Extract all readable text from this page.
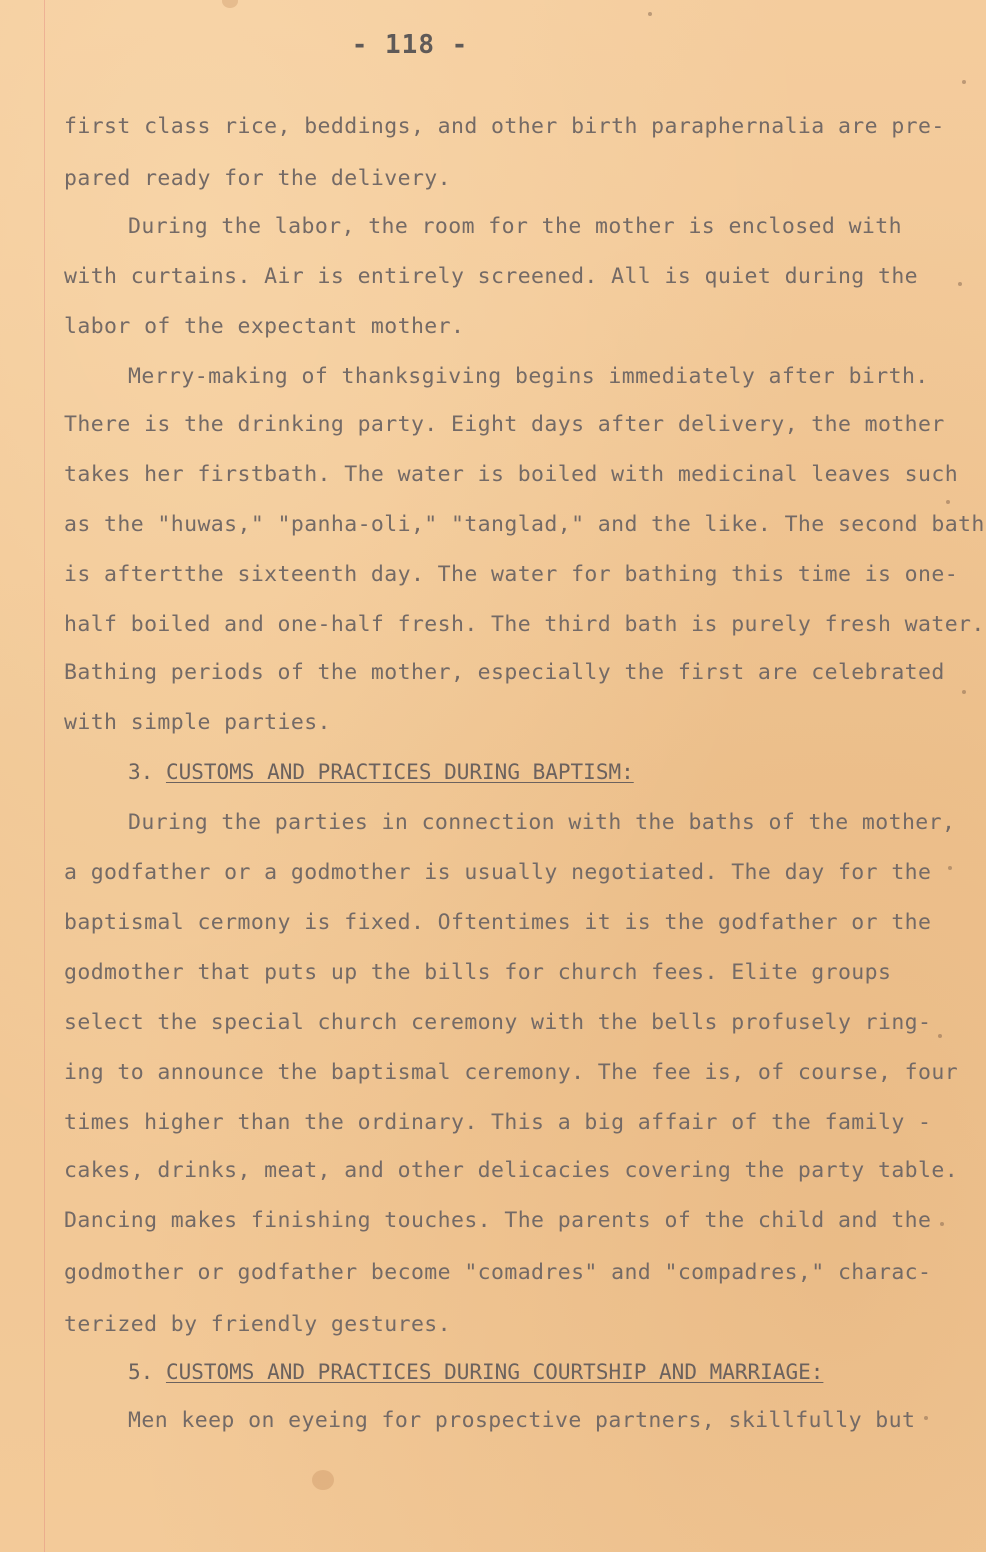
- 118 -
first class rice, beddings, and other birth paraphernalia are pre-
pared ready for the delivery.
During the labor, the room for the mother is enclosed with
with curtains. Air is entirely screened. All is quiet during the
labor of the expectant mother.
Merry-making of thanksgiving begins immediately after birth.
There is the drinking party. Eight days after delivery, the mother
takes her firstbath. The water is boiled with medicinal leaves such
as the "huwas," "panha-oli," "tanglad," and the like. The second bath
is aftertthe sixteenth day. The water for bathing this time is one-
half boiled and one-half fresh. The third bath is purely fresh water.
Bathing periods of the mother, especially the first are celebrated
with simple parties.
3. CUSTOMS AND PRACTICES DURING BAPTISM:
During the parties in connection with the baths of the mother,
a godfather or a godmother is usually negotiated. The day for the
baptismal cermony is fixed. Oftentimes it is the godfather or the
godmother that puts up the bills for church fees. Elite groups
select the special church ceremony with the bells profusely ring-
ing to announce the baptismal ceremony. The fee is, of course, four
times higher than the ordinary. This a big affair of the family -
cakes, drinks, meat, and other delicacies covering the party table.
Dancing makes finishing touches. The parents of the child and the
godmother or godfather become "comadres" and "compadres," charac-
terized by friendly gestures.
5. CUSTOMS AND PRACTICES DURING COURTSHIP AND MARRIAGE:
Men keep on eyeing for prospective partners, skillfully but
